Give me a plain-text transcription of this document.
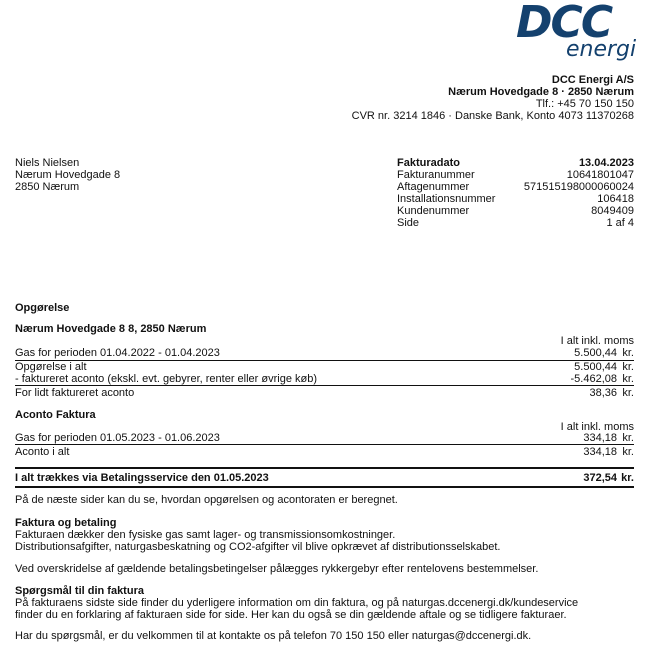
DCC
energi
DCC Energi A/S
Nærum Hovedgade 8 · 2850 Nærum
Tlf.: +45 70 150 150
CVR nr. 3214 1846 · Danske Bank, Konto 4073 11370268
Niels Nielsen
Nærum Hovedgade 8
2850 Nærum
Fakturadato	13.04.2023
Fakturanummer	10641801047
Aftagenummer	571515198000060024
Installationsnummer	106418
Kundenummer	8049409
Side	1 af 4
Opgørelse
Nærum Hovedgade 8 8, 2850 Nærum
I alt inkl. moms
Gas for perioden 01.04.2022 - 01.04.2023	5.500,44 kr.
Opgørelse i alt	5.500,44 kr.
- faktureret aconto (ekskl. evt. gebyrer, renter eller øvrige køb)	-5.462,08 kr.
For lidt faktureret aconto	38,36 kr.
Aconto Faktura
I alt inkl. moms
Gas for perioden 01.05.2023 - 01.06.2023	334,18 kr.
Aconto i alt	334,18 kr.
I alt trækkes via Betalingsservice den 01.05.2023	372,54 kr.
På de næste sider kan du se, hvordan opgørelsen og acontoraten er beregnet.
Faktura og betaling
Fakturaen dækker den fysiske gas samt lager- og transmissionsomkostninger.
Distributionsafgifter, naturgasbeskatning og CO2-afgifter vil blive opkrævet af distributionsselskabet.
Ved overskridelse af gældende betalingsbetingelser pålægges rykkergebyr efter rentelovens bestemmelser.
Spørgsmål til din faktura
På fakturaens sidste side finder du yderligere information om din faktura, og på naturgas.dccenergi.dk/kundeservice
finder du en forklaring af fakturaen side for side. Her kan du også se din gældende aftale og se tidligere fakturaer.
Har du spørgsmål, er du velkommen til at kontakte os på telefon 70 150 150 eller naturgas@dccenergi.dk.
